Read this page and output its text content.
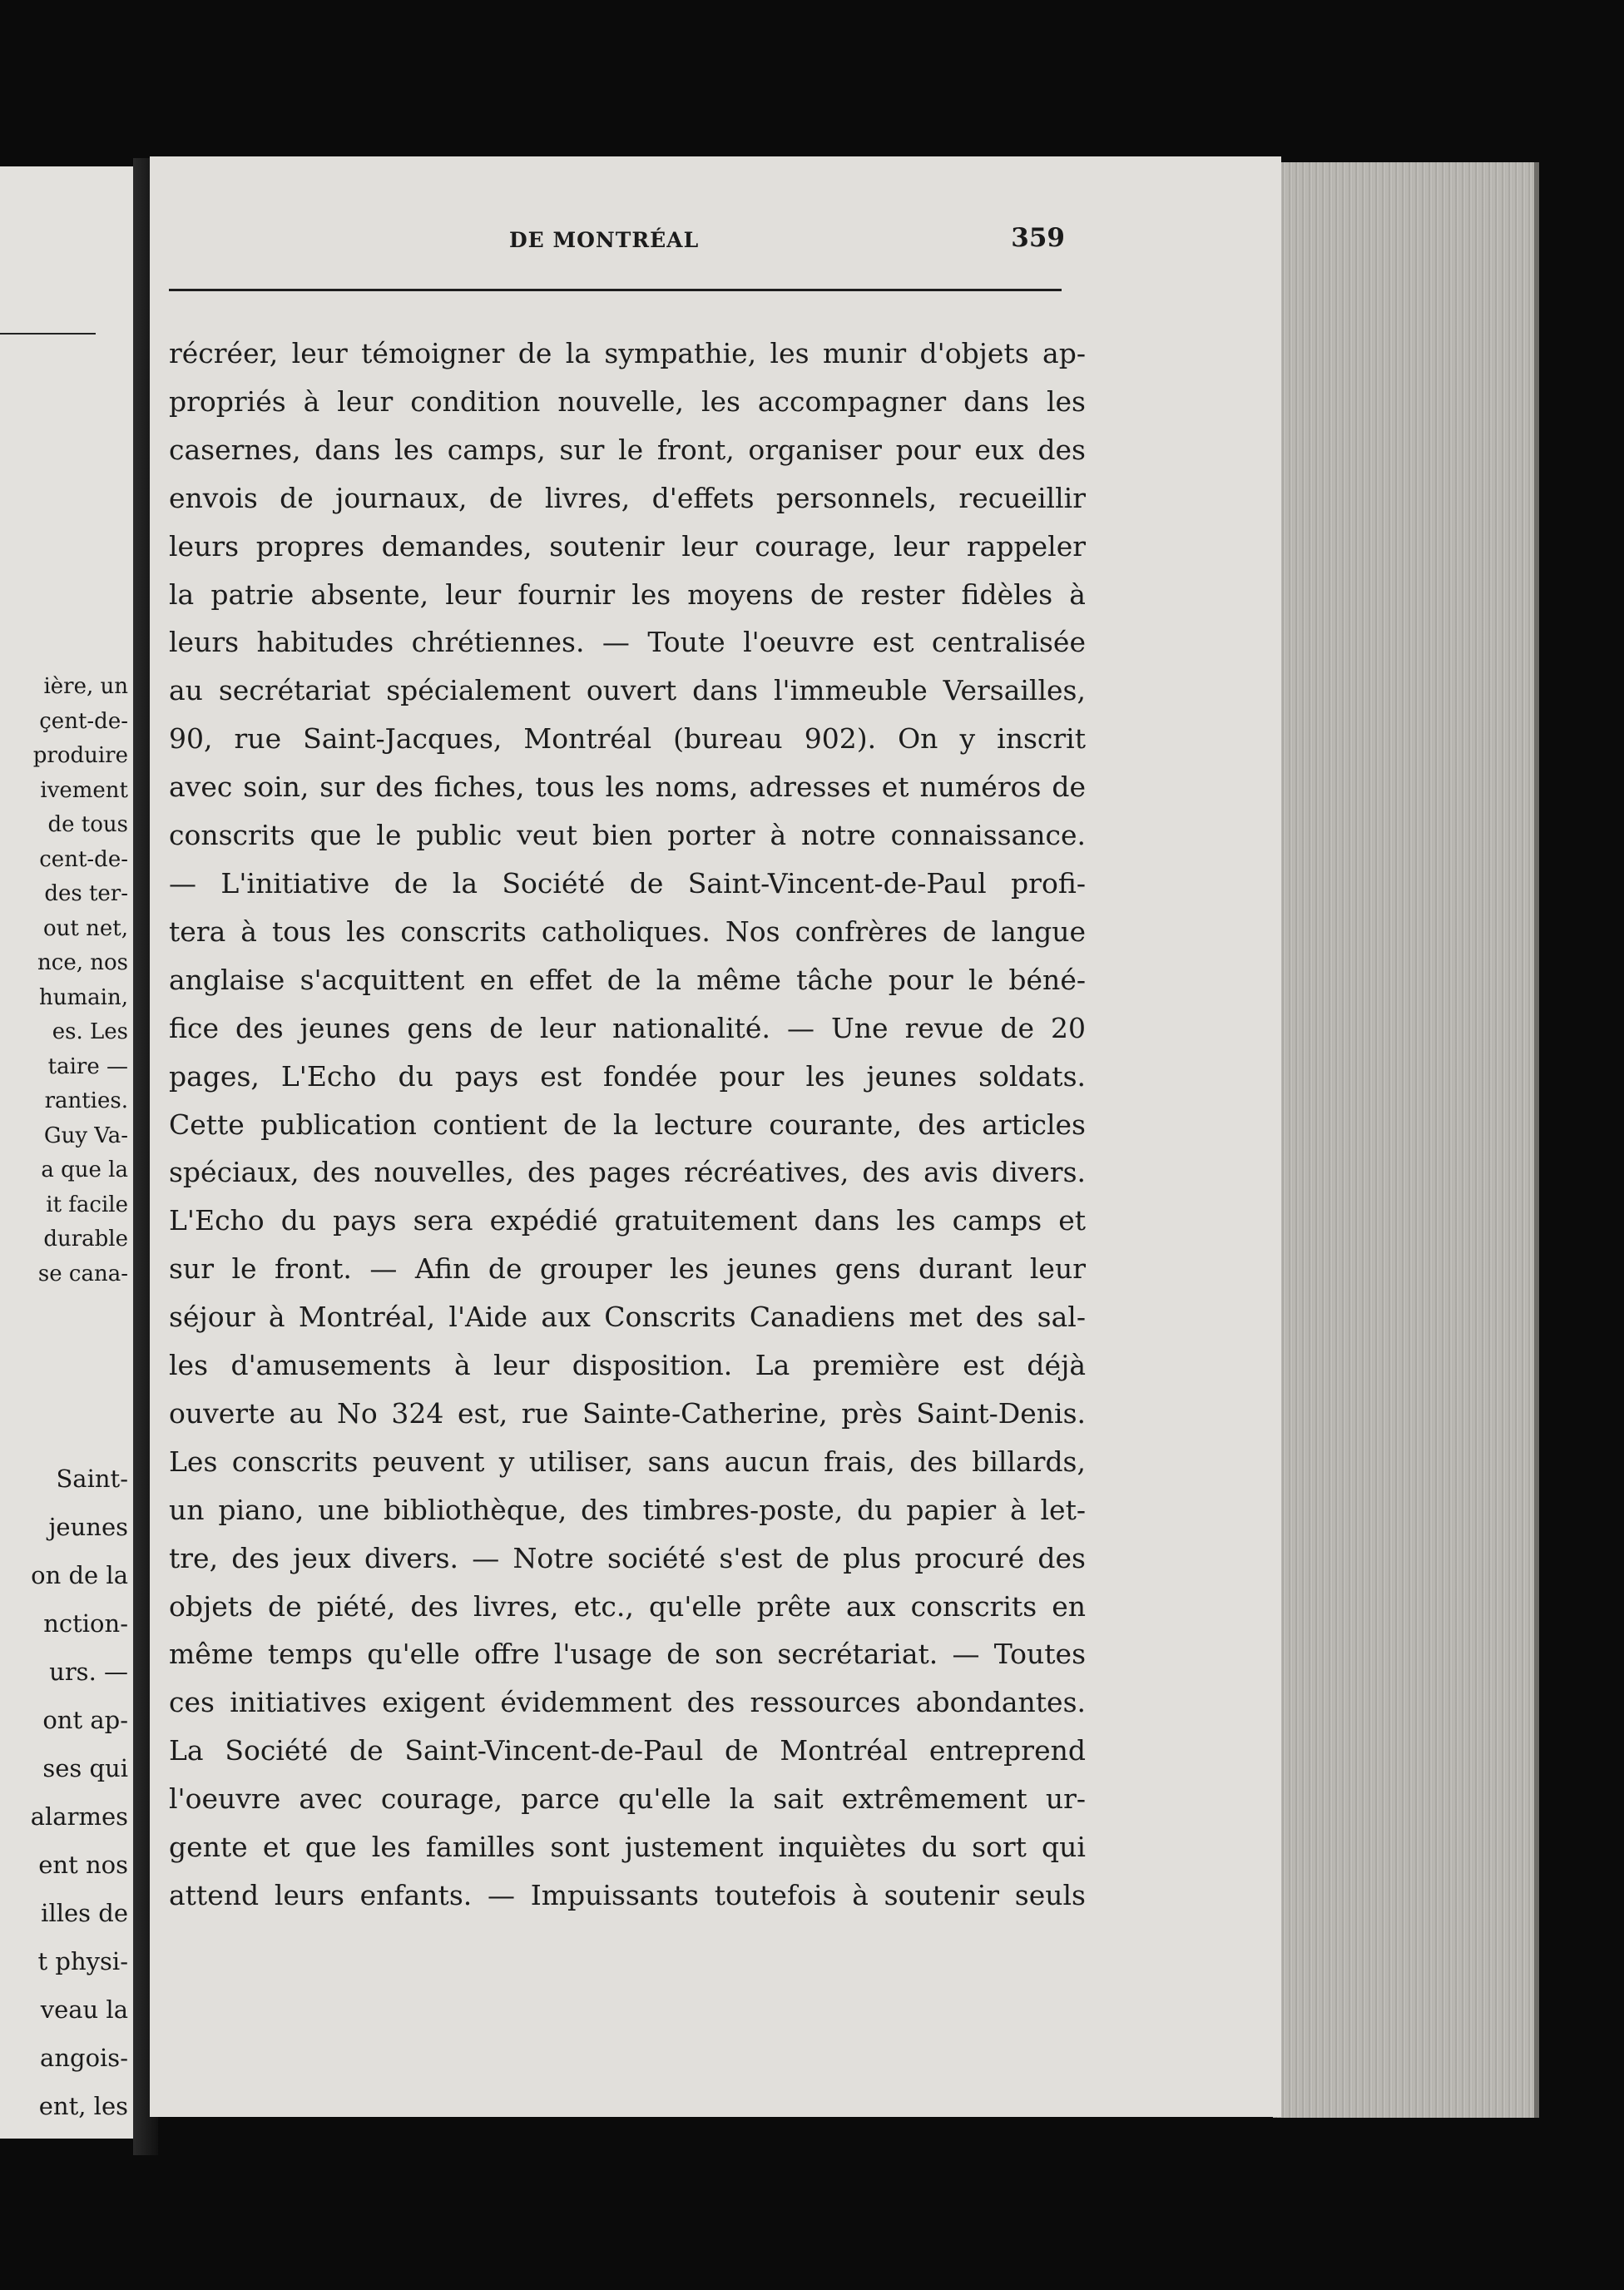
ière, un
çent-de-
produire
ivement
de tous
cent-de-
des ter-
out net,
nce, nos
humain,
es. Les
taire —
ranties.
Guy Va-
a que la
it facile
durable
se cana-
Saint-
jeunes
on de la
nction-
urs. —
ont ap-
ses qui
alarmes
ent nos
illes de
t physi-
veau la
angois-
ent, les
DE MONTRÉAL	359
récréer, leur témoigner de la sympathie, les munir d'objets ap-
propriés à leur condition nouvelle, les accompagner dans les
casernes, dans les camps, sur le front, organiser pour eux des
envois de journaux, de livres, d'effets personnels, recueillir
leurs propres demandes, soutenir leur courage, leur rappeler
la patrie absente, leur fournir les moyens de rester fidèles à
leurs habitudes chrétiennes. — Toute l'oeuvre est centralisée
au secrétariat spécialement ouvert dans l'immeuble Versailles,
90, rue Saint-Jacques, Montréal (bureau 902). On y inscrit
avec soin, sur des fiches, tous les noms, adresses et numéros de
conscrits que le public veut bien porter à notre connaissance.
— L'initiative de la Société de Saint-Vincent-de-Paul profi-
tera à tous les conscrits catholiques. Nos confrères de langue
anglaise s'acquittent en effet de la même tâche pour le béné-
fice des jeunes gens de leur nationalité. — Une revue de 20
pages, L'Echo du pays est fondée pour les jeunes soldats.
Cette publication contient de la lecture courante, des articles
spéciaux, des nouvelles, des pages récréatives, des avis divers.
L'Echo du pays sera expédié gratuitement dans les camps et
sur le front. — Afin de grouper les jeunes gens durant leur
séjour à Montréal, l'Aide aux Conscrits Canadiens met des sal-
les d'amusements à leur disposition. La première est déjà
ouverte au No 324 est, rue Sainte-Catherine, près Saint-Denis.
Les conscrits peuvent y utiliser, sans aucun frais, des billards,
un piano, une bibliothèque, des timbres-poste, du papier à let-
tre, des jeux divers. — Notre société s'est de plus procuré des
objets de piété, des livres, etc., qu'elle prête aux conscrits en
même temps qu'elle offre l'usage de son secrétariat. — Toutes
ces initiatives exigent évidemment des ressources abondantes.
La Société de Saint-Vincent-de-Paul de Montréal entreprend
l'oeuvre avec courage, parce qu'elle la sait extrêmement ur-
gente et que les familles sont justement inquiètes du sort qui
attend leurs enfants. — Impuissants toutefois à soutenir seuls
